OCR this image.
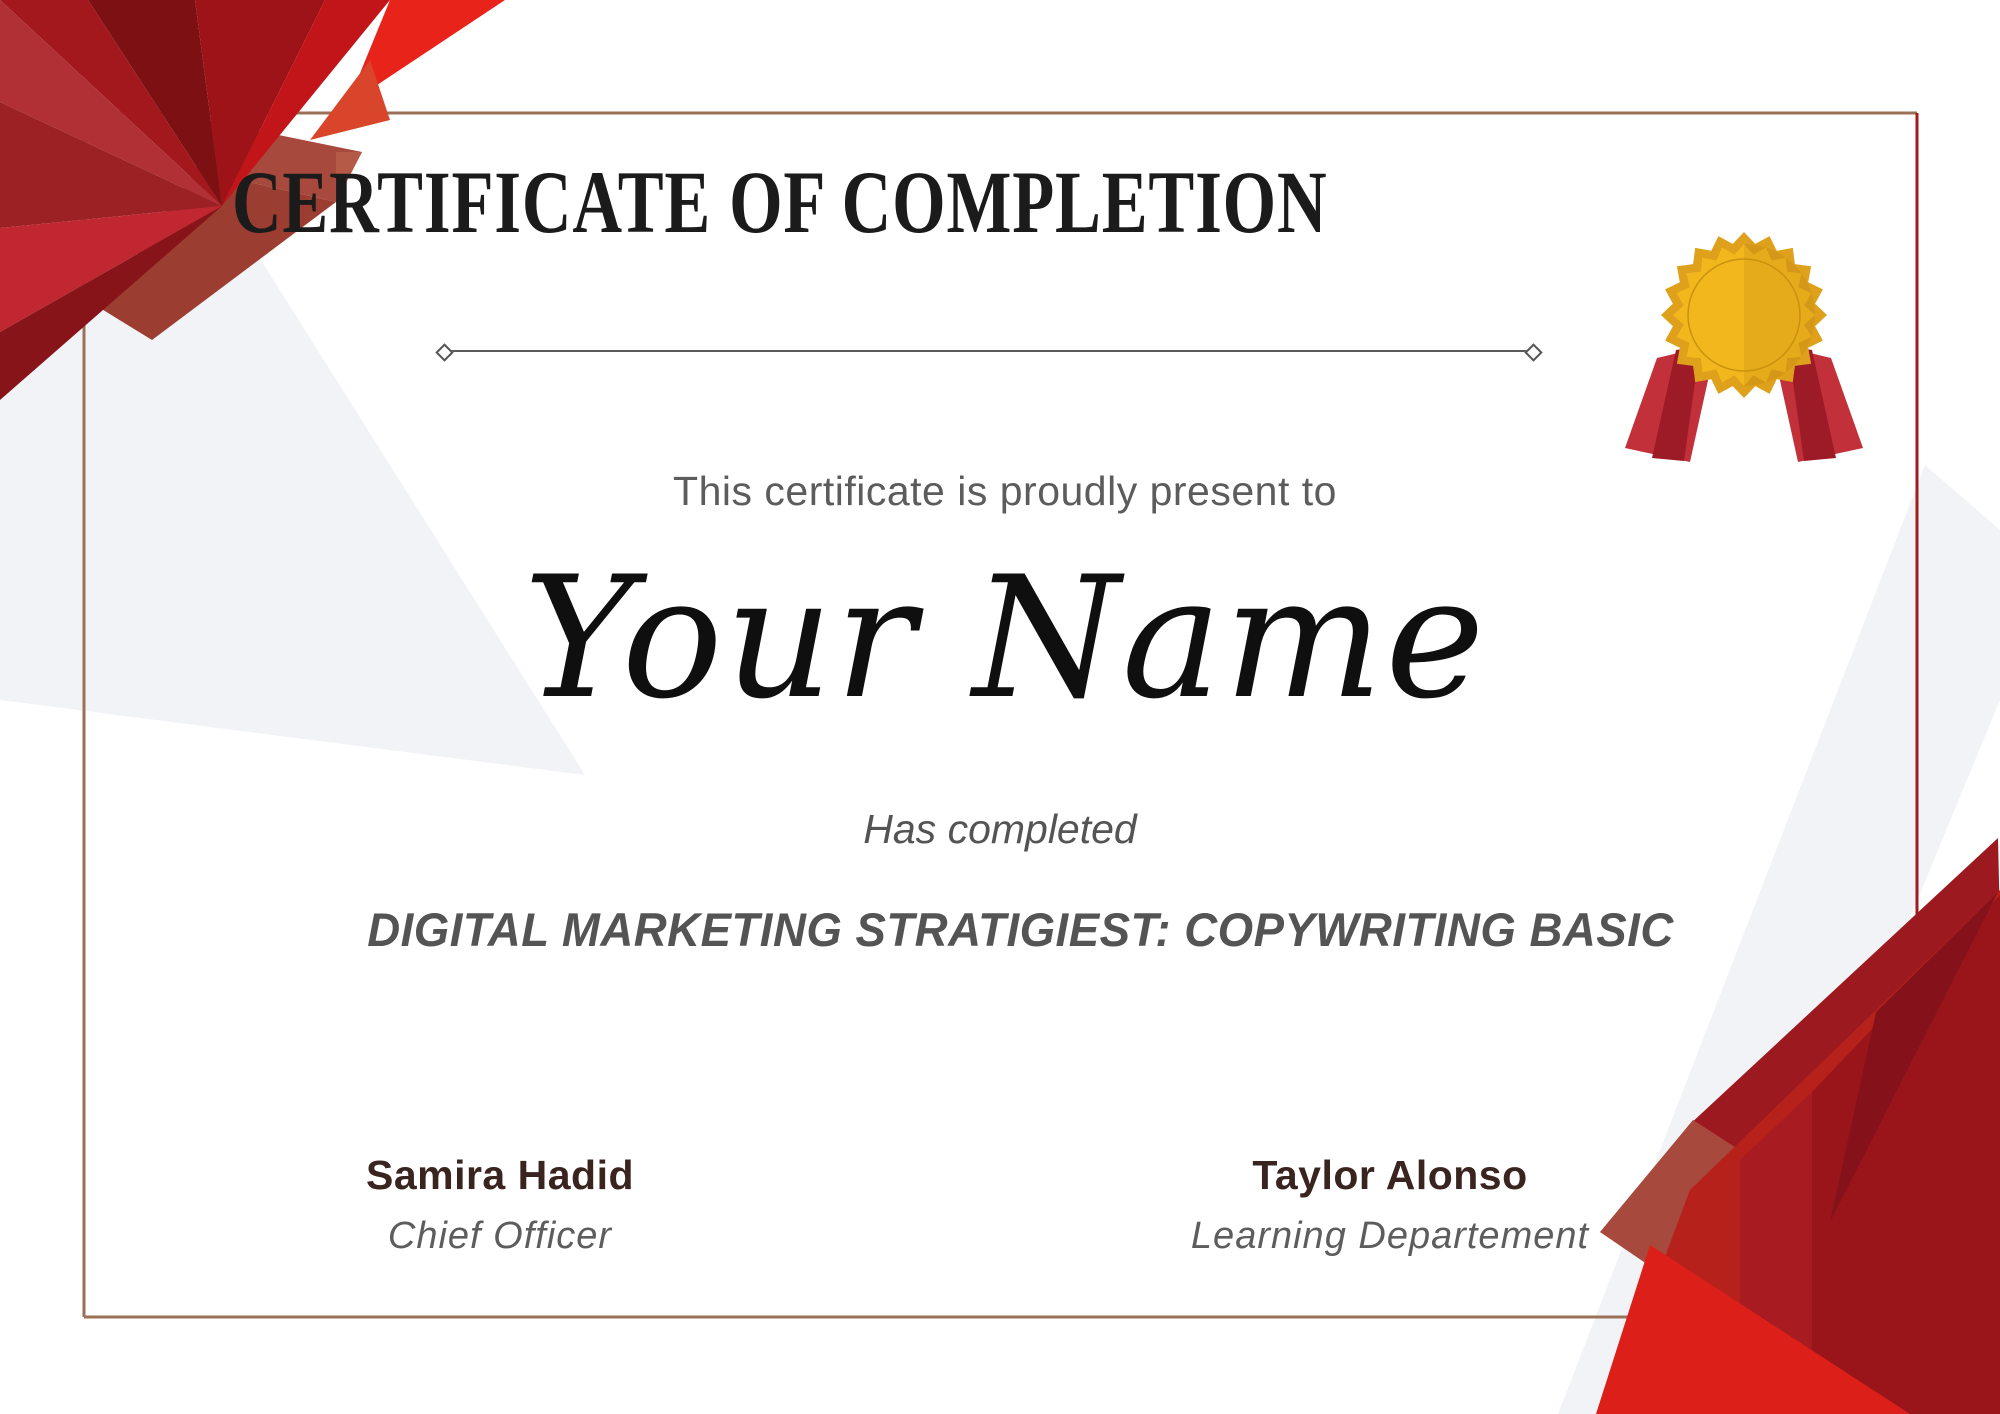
CERTIFICATE OF COMPLETION
This certificate is proudly present to
Your Name
Has completed
DIGITAL MARKETING STRATIGIEST: COPYWRITING BASIC
Samira Hadid
Chief Officer
Taylor Alonso
Learning Departement
